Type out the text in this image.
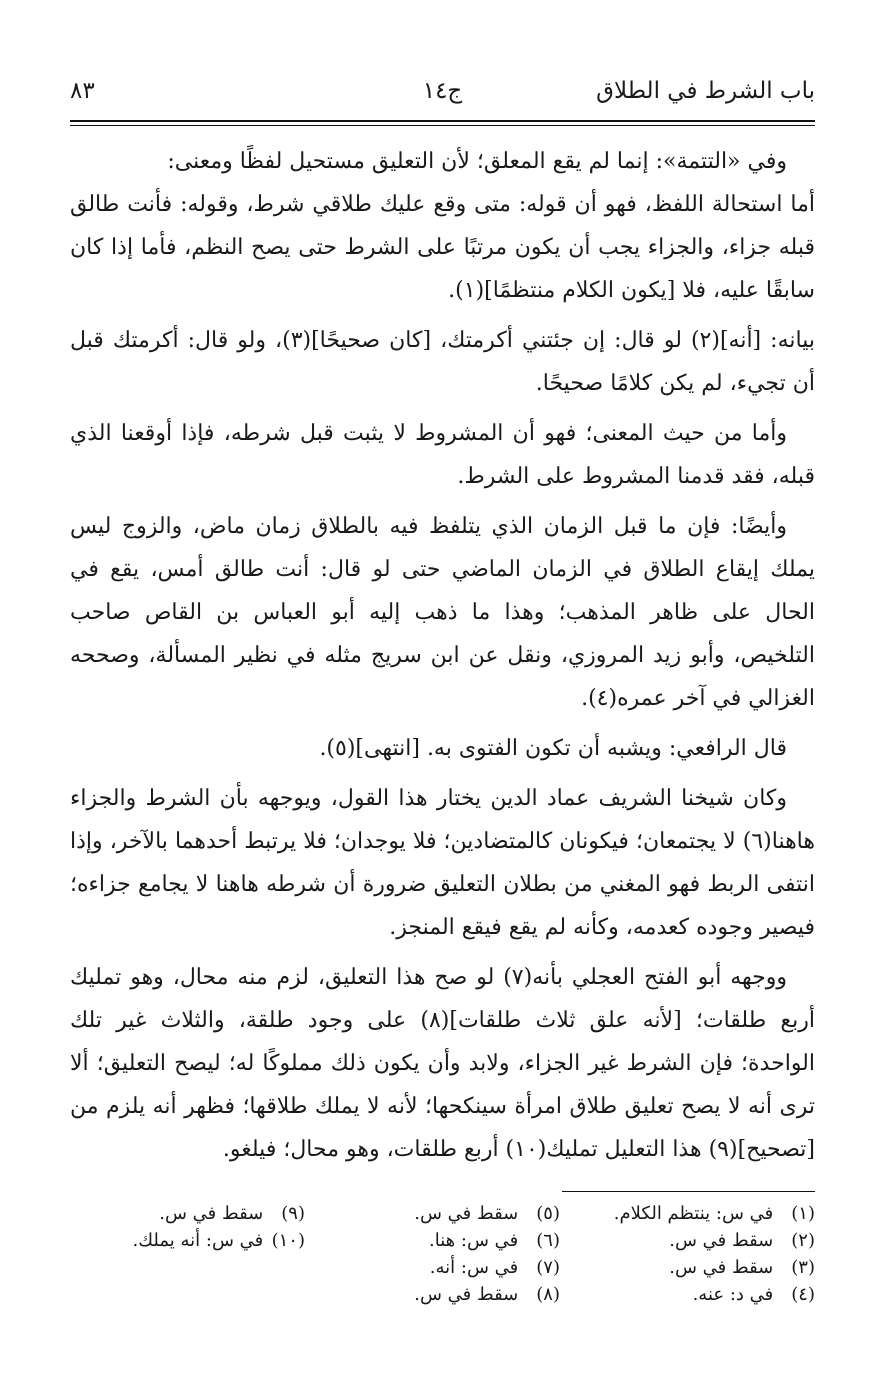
باب الشرط في الطلاق
ج١٤
٨٣

وفي «التتمة»: إنما لم يقع المعلق؛ لأن التعليق مستحيل لفظًا ومعنى:

أما استحالة اللفظ، فهو أن قوله: متى وقع عليك طلاقي شرط، وقوله: فأنت طالق قبله جزاء، والجزاء يجب أن يكون مرتبًا على الشرط حتى يصح النظم، فأما إذا كان سابقًا عليه، فلا [يكون الكلام منتظمًا](١).

بيانه: [أنه](٢) لو قال: إن جئتني أكرمتك، [كان صحيحًا](٣)، ولو قال: أكرمتك قبل أن تجيء، لم يكن كلامًا صحيحًا.

وأما من حيث المعنى؛ فهو أن المشروط لا يثبت قبل شرطه، فإذا أوقعنا الذي قبله، فقد قدمنا المشروط على الشرط.

وأيضًا: فإن ما قبل الزمان الذي يتلفظ فيه بالطلاق زمان ماض، والزوج ليس يملك إيقاع الطلاق في الزمان الماضي حتى لو قال: أنت طالق أمس، يقع في الحال على ظاهر المذهب؛ وهذا ما ذهب إليه أبو العباس بن القاص صاحب التلخيص، وأبو زيد المروزي، ونقل عن ابن سريج مثله في نظير المسألة، وصححه الغزالي في آخر عمره(٤).

قال الرافعي: ويشبه أن تكون الفتوى به. [انتهى](٥).

وكان شيخنا الشريف عماد الدين يختار هذا القول، ويوجهه بأن الشرط والجزاء هاهنا(٦) لا يجتمعان؛ فيكونان كالمتضادين؛ فلا يوجدان؛ فلا يرتبط أحدهما بالآخر، وإذا انتفى الربط فهو المغني من بطلان التعليق ضرورة أن شرطه هاهنا لا يجامع جزاءه؛ فيصير وجوده كعدمه، وكأنه لم يقع فيقع المنجز.

ووجهه أبو الفتح العجلي بأنه(٧) لو صح هذا التعليق، لزم منه محال، وهو تمليك أربع طلقات؛ [لأنه علق ثلاث طلقات](٨) على وجود طلقة، والثلاث غير تلك الواحدة؛ فإن الشرط غير الجزاء، ولابد وأن يكون ذلك مملوكًا له؛ ليصح التعليق؛ ألا ترى أنه لا يصح تعليق طلاق امرأة سينكحها؛ لأنه لا يملك طلاقها؛ فظهر أنه يلزم من [تصحيح](٩) هذا التعليل تمليك(١٠) أربع طلقات، وهو محال؛ فيلغو.

(١) في س: ينتظم الكلام.
(٢) سقط في س.
(٣) سقط في س.
(٤) في د: عنه.
(٥) سقط في س.
(٦) في س: هنا.
(٧) في س: أنه.
(٨) سقط في س.
(٩) سقط في س.
(١٠) في س: أنه يملك.
